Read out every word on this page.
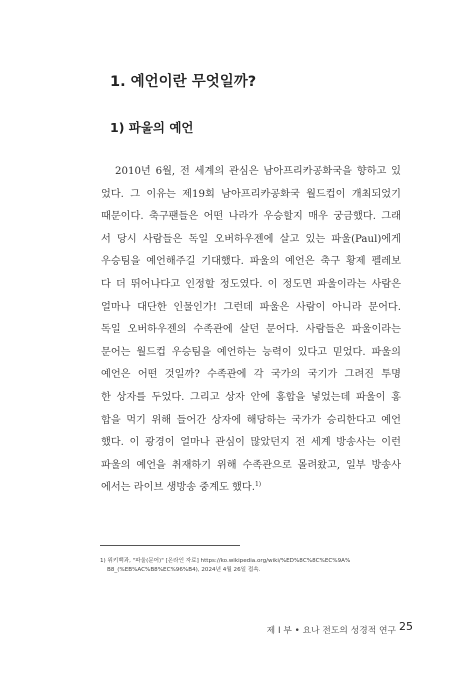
1. 예언이란 무엇일까?
1) 파울의 예언
2010년 6월, 전 세계의 관심은 남아프리카공화국을 향하고 있
었다. 그 이유는 제19회 남아프리카공화국 월드컵이 개최되었기
때문이다. 축구팬들은 어떤 나라가 우승할지 매우 궁금했다. 그래
서 당시 사람들은 독일 오버하우젠에 살고 있는 파울(Paul)에게
우승팀을 예언해주길 기대했다. 파울의 예언은 축구 황제 펠레보
다 더 뛰어나다고 인정할 정도였다. 이 정도면 파울이라는 사람은
얼마나 대단한 인물인가! 그런데 파울은 사람이 아니라 문어다.
독일 오버하우젠의 수족관에 살던 문어다. 사람들은 파울이라는
문어는 월드컵 우승팀을 예언하는 능력이 있다고 믿었다. 파울의
예언은 어떤 것일까? 수족관에 각 국가의 국기가 그려진 투명
한 상자를 두었다. 그리고 상자 안에 홍합을 넣었는데 파울이 홍
합을 먹기 위해 들어간 상자에 해당하는 국가가 승리한다고 예언
했다. 이 광경이 얼마나 관심이 많았던지 전 세계 방송사는 이런
파울의 예언을 취재하기 위해 수족관으로 몰려왔고, 일부 방송사
에서는 라이브 생방송 중계도 했다.$^{1)}$
1) 위키백과, "파울(문어)" [온라인 자료] https://ko.wikipedia.org/wiki/%ED%8C%8C%EC%9A%
B8_(%EB%AC%B8%EC%96%B4), 2024년 4월 26일 접속.
제 I 부 • 요나 전도의 성경적 연구 25
